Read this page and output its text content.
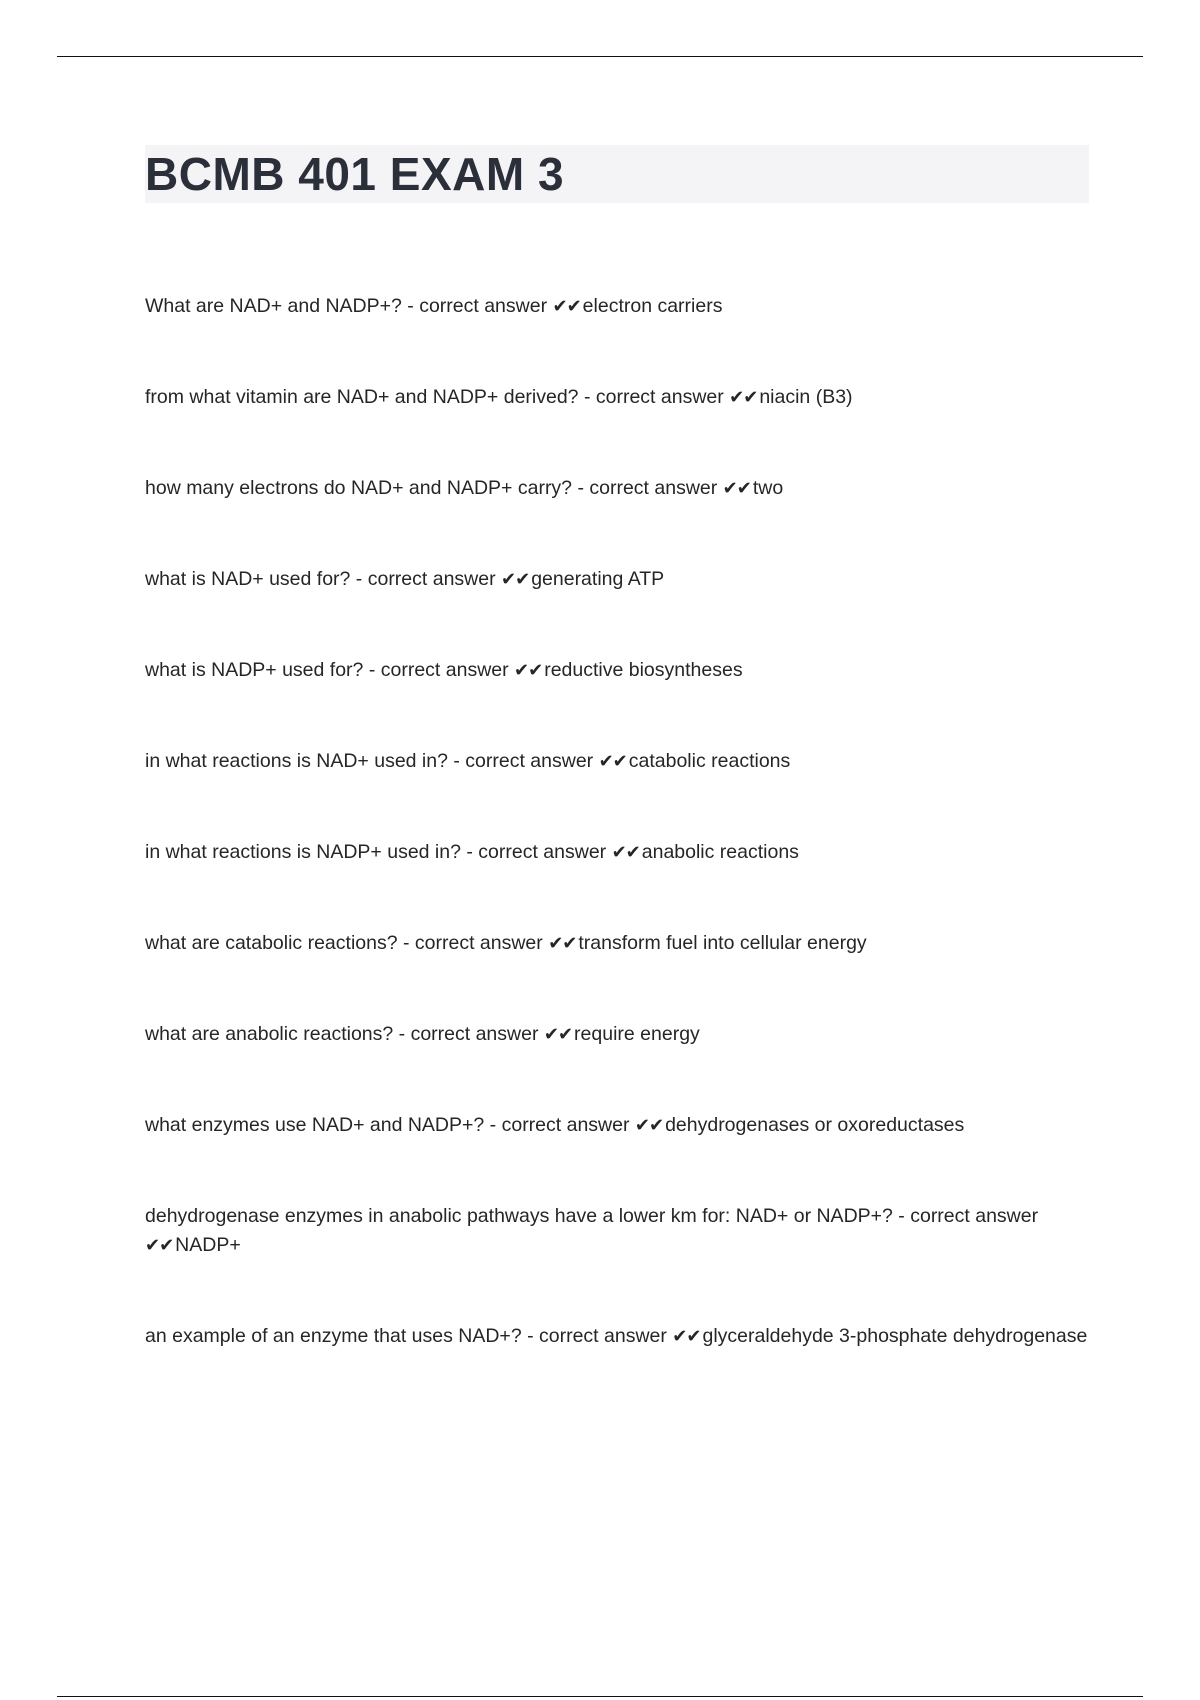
BCMB 401 EXAM 3
What are NAD+ and NADP+? - correct answer ✔✔ electron carriers
from what vitamin are NAD+ and NADP+ derived? - correct answer ✔✔ niacin (B3)
how many electrons do NAD+ and NADP+ carry? - correct answer ✔✔ two
what is NAD+ used for? - correct answer ✔✔ generating ATP
what is NADP+ used for? - correct answer ✔✔ reductive biosyntheses
in what reactions is NAD+ used in? - correct answer ✔✔ catabolic reactions
in what reactions is NADP+ used in? - correct answer ✔✔ anabolic reactions
what are catabolic reactions? - correct answer ✔✔ transform fuel into cellular energy
what are anabolic reactions? - correct answer ✔✔ require energy
what enzymes use NAD+ and NADP+? - correct answer ✔✔ dehydrogenases or oxoreductases
dehydrogenase enzymes in anabolic pathways have a lower km for: NAD+ or NADP+? - correct answer ✔✔ NADP+
an example of an enzyme that uses NAD+? - correct answer ✔✔ glyceraldehyde 3-phosphate dehydrogenase
